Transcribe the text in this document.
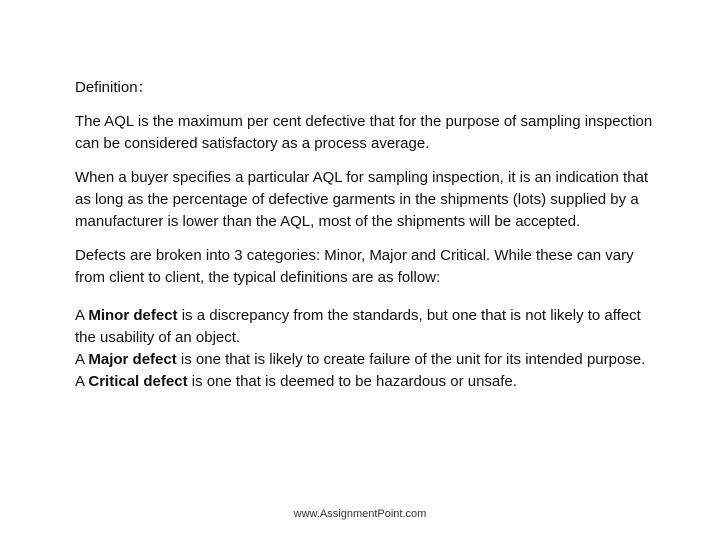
Definition：

The AQL is the maximum per cent defective that for the purpose of sampling inspection can be considered satisfactory as a process average.

When a buyer specifies a particular AQL for sampling inspection, it is an indication that as long as the percentage of defective garments in the shipments (lots) supplied by a manufacturer is lower than the AQL, most of the shipments will be accepted.

Defects are broken into 3 categories: Minor, Major and Critical. While these can vary from client to client, the typical definitions are as follow:

A Minor defect is a discrepancy from the standards, but one that is not likely to affect the usability of an object.

A Major defect is one that is likely to create failure of the unit for its intended purpose.

A Critical defect is one that is deemed to be hazardous or unsafe.

www.AssignmentPoint.com
